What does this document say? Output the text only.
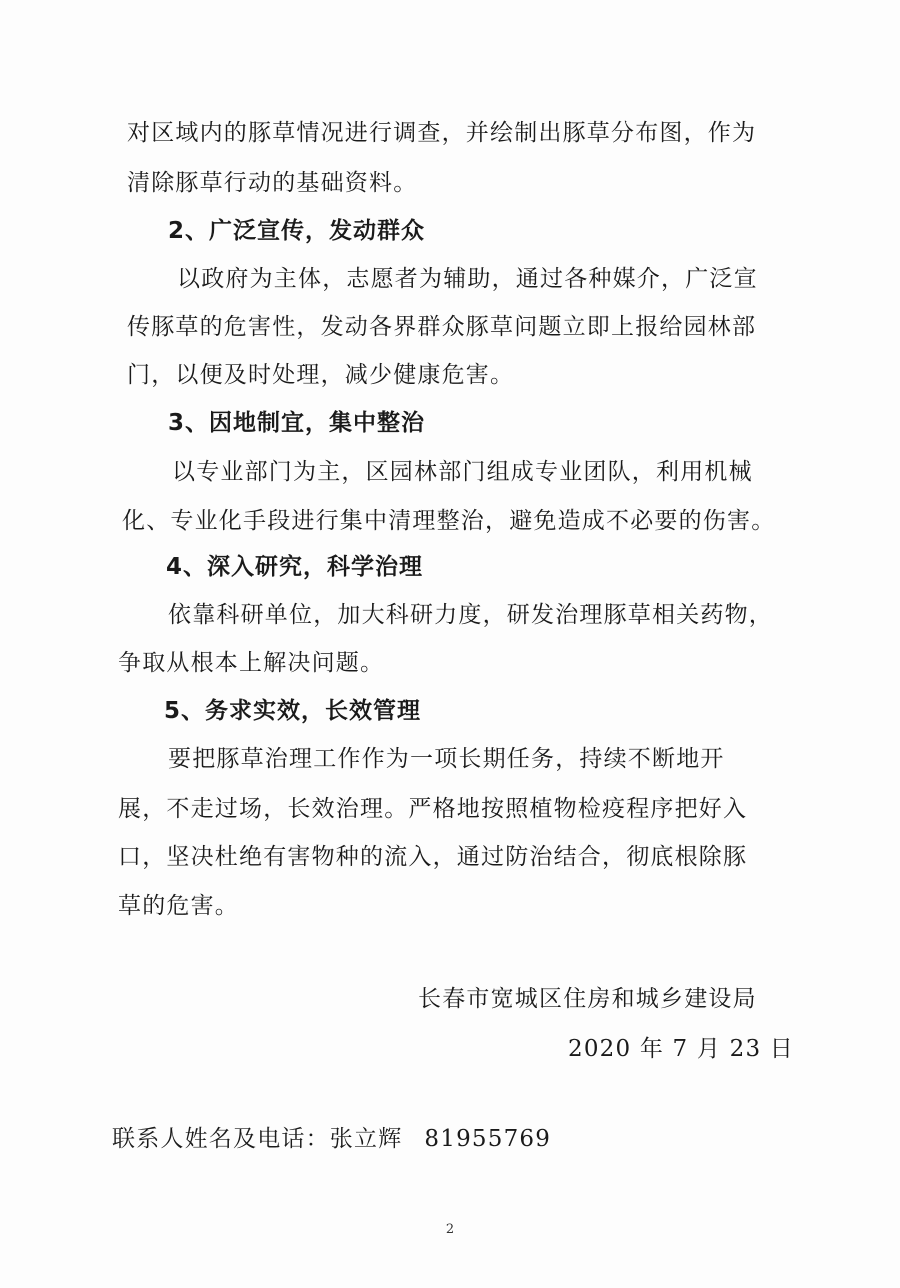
对区域内的豚草情况进行调查，并绘制出豚草分布图，作为
清除豚草行动的基础资料。
2、广泛宣传，发动群众
以政府为主体，志愿者为辅助，通过各种媒介，广泛宣
传豚草的危害性，发动各界群众豚草问题立即上报给园林部
门，以便及时处理，减少健康危害。
3、因地制宜，集中整治
以专业部门为主，区园林部门组成专业团队，利用机械
化、专业化手段进行集中清理整治，避免造成不必要的伤害。
4、深入研究，科学治理
依靠科研单位，加大科研力度，研发治理豚草相关药物，
争取从根本上解决问题。
5、务求实效，长效管理
要把豚草治理工作作为一项长期任务，持续不断地开
展，不走过场，长效治理。严格地按照植物检疫程序把好入
口，坚决杜绝有害物种的流入，通过防治结合，彻底根除豚
草的危害。
长春市宽城区住房和城乡建设局
2020 年 7 月 23 日
联系人姓名及电话：张立辉 81955769
2
